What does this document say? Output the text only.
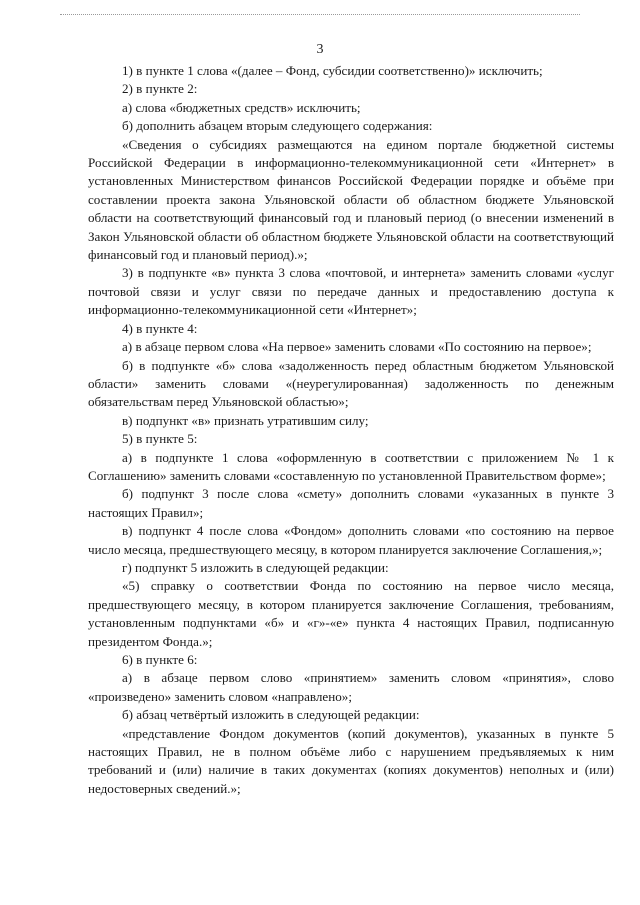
3

1) в пункте 1 слова «(далее – Фонд, субсидии соответственно)» исключить;

2) в пункте 2:

а) слова «бюджетных средств» исключить;

б) дополнить абзацем вторым следующего содержания:

«Сведения о субсидиях размещаются на едином портале бюджетной системы Российской Федерации в информационно-телекоммуникационной сети «Интернет» в установленных Министерством финансов Российской Федерации порядке и объёме при составлении проекта закона Ульяновской области об областном бюджете Ульяновской области на соответствующий финансовый год и плановый период (о внесении изменений в Закон Ульяновской области об областном бюджете Ульяновской области на соответствующий финансовый год и плановый период).»;

3) в подпункте «в» пункта 3 слова «почтовой, и интернета» заменить словами «услуг почтовой связи и услуг связи по передаче данных и предоставлению доступа к информационно-телекоммуникационной сети «Интернет»;

4) в пункте 4:

а) в абзаце первом слова «На первое» заменить словами «По состоянию на первое»;

б) в подпункте «б» слова «задолженность перед областным бюджетом Ульяновской области» заменить словами «(неурегулированная) задолженность по денежным обязательствам перед Ульяновской областью»;

в) подпункт «в» признать утратившим силу;

5) в пункте 5:

а) в подпункте 1 слова «оформленную в соответствии с приложением № 1 к Соглашению» заменить словами «составленную по установленной Правительством форме»;

б) подпункт 3 после слова «смету» дополнить словами «указанных в пункте 3 настоящих Правил»;

в) подпункт 4 после слова «Фондом» дополнить словами «по состоянию на первое число месяца, предшествующего месяцу, в котором планируется заключение Соглашения,»;

г) подпункт 5 изложить в следующей редакции:

«5) справку о соответствии Фонда по состоянию на первое число месяца, предшествующего месяцу, в котором планируется заключение Соглашения, требованиям, установленным подпунктами «б» и «г»-«е» пункта 4 настоящих Правил, подписанную президентом Фонда.»;

6) в пункте 6:

а) в абзаце первом слово «принятием» заменить словом «принятия», слово «произведено» заменить словом «направлено»;

б) абзац четвёртый изложить в следующей редакции:

«представление Фондом документов (копий документов), указанных в пункте 5 настоящих Правил, не в полном объёме либо с нарушением предъявляемых к ним требований и (или) наличие в таких документах (копиях документов) неполных и (или) недостоверных сведений.»;
